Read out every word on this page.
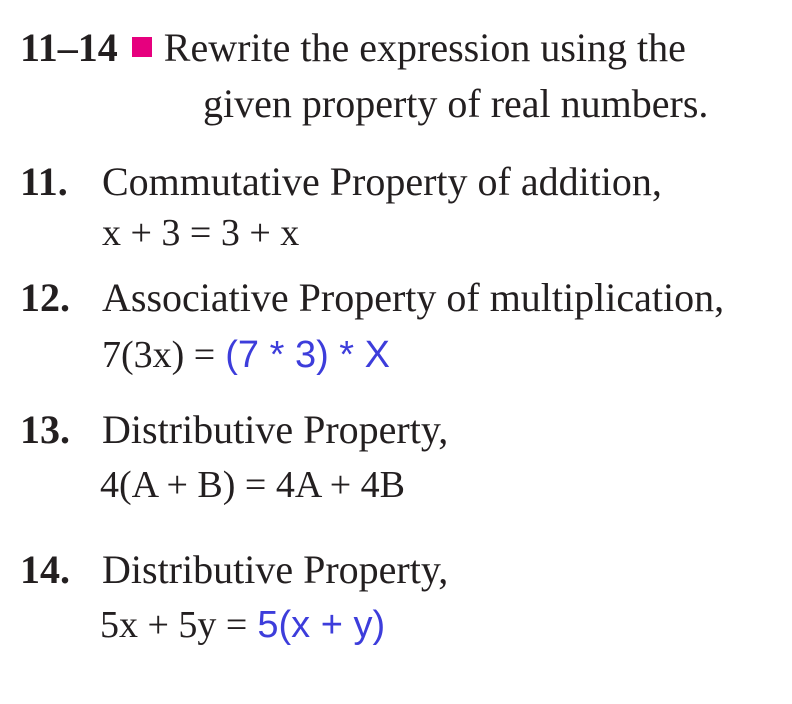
11–14 Rewrite the expression using the
given property of real numbers.
11. Commutative Property of addition,
x + 3 = 3 + x
12. Associative Property of multiplication,
7(3x) = (7 * 3) * X
13. Distributive Property,
4(A + B) = 4A + 4B
14. Distributive Property,
5x + 5y = 5(x + y)
